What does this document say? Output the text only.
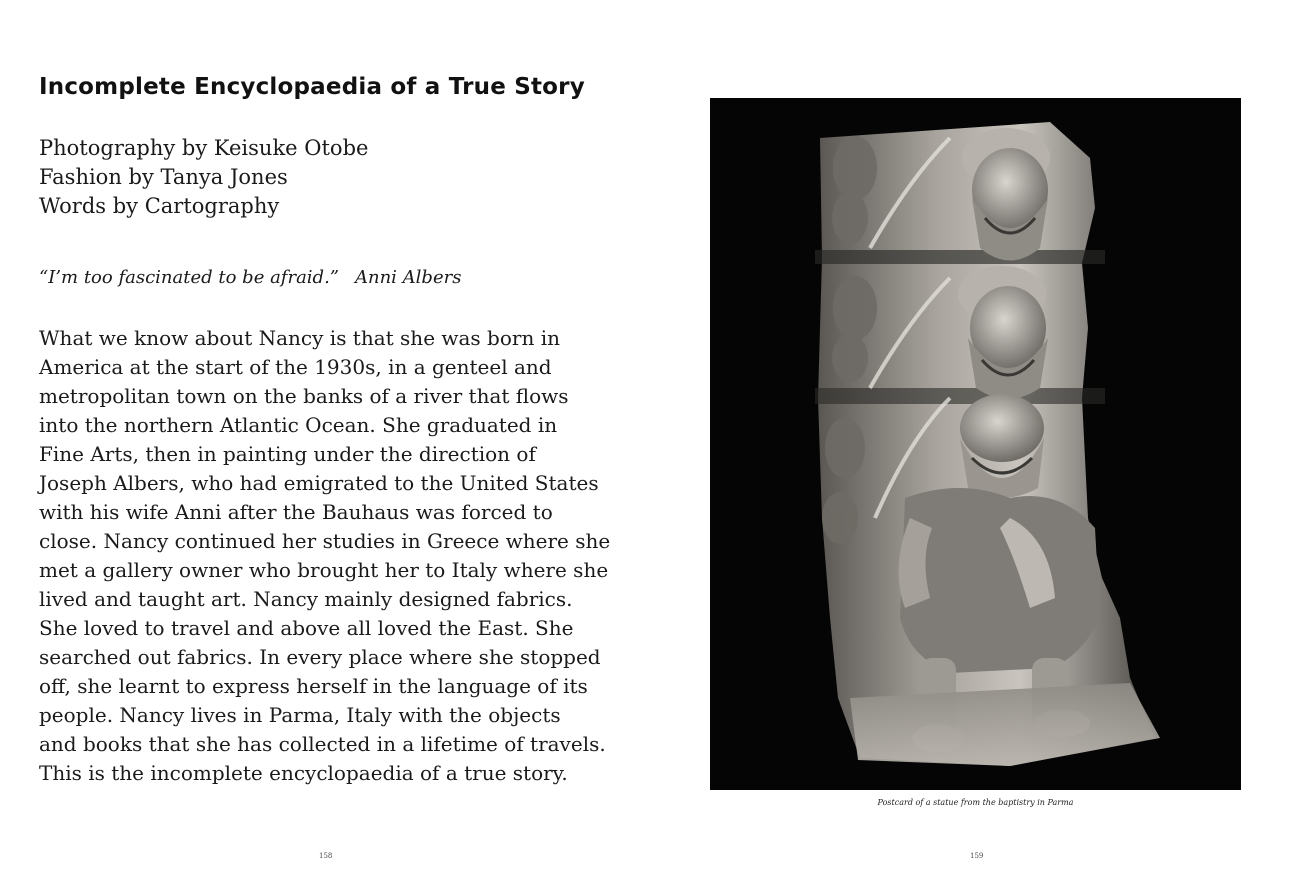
Incomplete Encyclopaedia of a True Story
Photography by Keisuke Otobe
Fashion by Tanya Jones
Words by Cartography
“I’m too fascinated to be afraid.” Anni Albers
What we know about Nancy is that she was born in
America at the start of the 1930s, in a genteel and
metropolitan town on the banks of a river that flows
into the northern Atlantic Ocean. She graduated in
Fine Arts, then in painting under the direction of
Joseph Albers, who had emigrated to the United States
with his wife Anni after the Bauhaus was forced to
close. Nancy continued her studies in Greece where she
met a gallery owner who brought her to Italy where she
lived and taught art. Nancy mainly designed fabrics.
She loved to travel and above all loved the East. She
searched out fabrics. In every place where she stopped
off, she learnt to express herself in the language of its
people. Nancy lives in Parma, Italy with the objects
and books that she has collected in a lifetime of travels.
This is the incomplete encyclopaedia of a true story.
158
Postcard of a statue from the baptistry in Parma
159
